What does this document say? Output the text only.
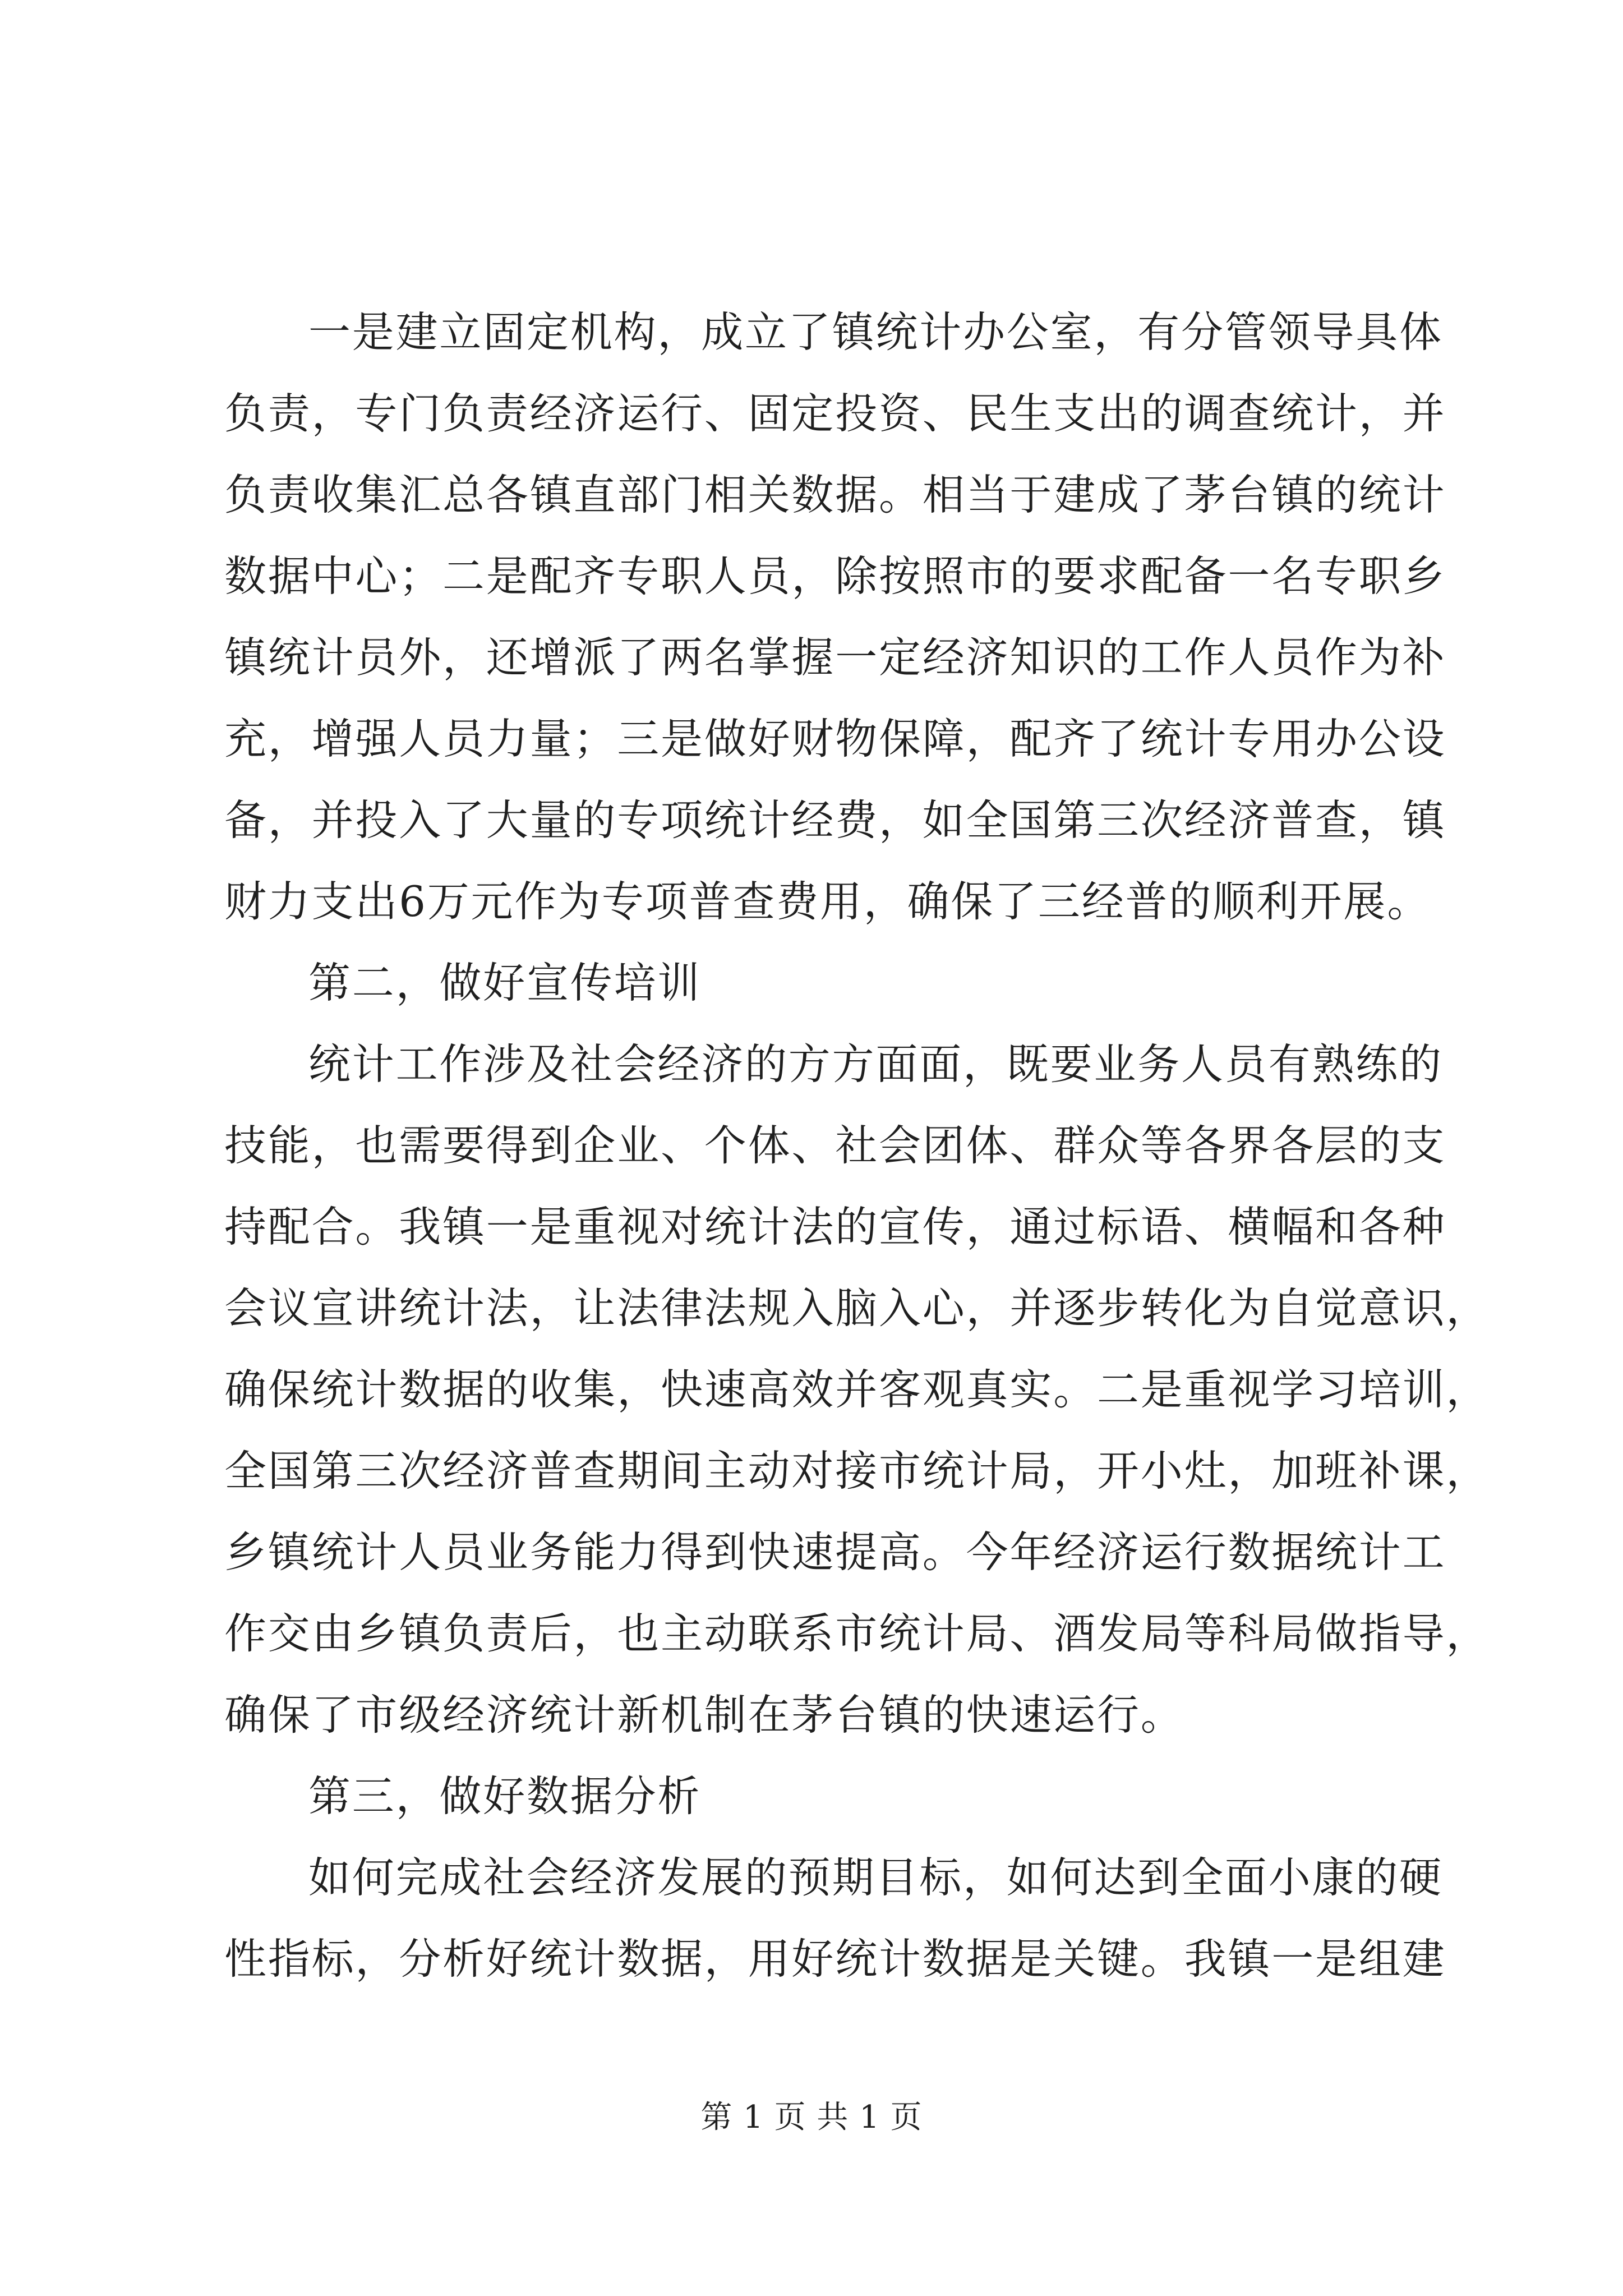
一是建立固定机构，成立了镇统计办公室，有分管领导具体
负责，专门负责经济运行、固定投资、民生支出的调查统计，并
负责收集汇总各镇直部门相关数据。相当于建成了茅台镇的统计
数据中心；二是配齐专职人员，除按照市的要求配备一名专职乡
镇统计员外，还增派了两名掌握一定经济知识的工作人员作为补
充，增强人员力量；三是做好财物保障，配齐了统计专用办公设
备，并投入了大量的专项统计经费，如全国第三次经济普查，镇
财力支出6万元作为专项普查费用，确保了三经普的顺利开展。
第二，做好宣传培训
统计工作涉及社会经济的方方面面，既要业务人员有熟练的
技能，也需要得到企业、个体、社会团体、群众等各界各层的支
持配合。我镇一是重视对统计法的宣传，通过标语、横幅和各种
会议宣讲统计法，让法律法规入脑入心，并逐步转化为自觉意识，
确保统计数据的收集，快速高效并客观真实。二是重视学习培训，
全国第三次经济普查期间主动对接市统计局，开小灶，加班补课，
乡镇统计人员业务能力得到快速提高。今年经济运行数据统计工
作交由乡镇负责后，也主动联系市统计局、酒发局等科局做指导，
确保了市级经济统计新机制在茅台镇的快速运行。
第三，做好数据分析
如何完成社会经济发展的预期目标，如何达到全面小康的硬
性指标，分析好统计数据，用好统计数据是关键。我镇一是组建
第 1 页 共 1 页
